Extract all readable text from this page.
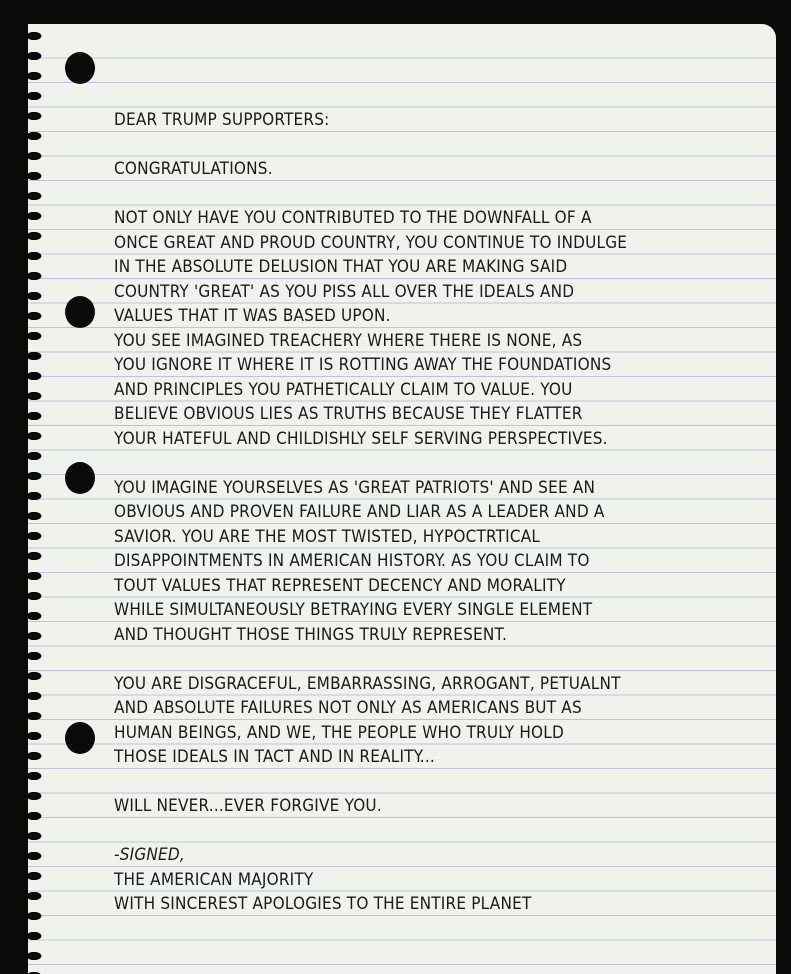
DEAR TRUMP SUPPORTERS:
CONGRATULATIONS.
NOT ONLY HAVE YOU CONTRIBUTED TO THE DOWNFALL OF A
ONCE GREAT AND PROUD COUNTRY, YOU CONTINUE TO INDULGE
IN THE ABSOLUTE DELUSION THAT YOU ARE MAKING SAID
COUNTRY 'GREAT' AS YOU PISS ALL OVER THE IDEALS AND
VALUES THAT IT WAS BASED UPON.
YOU SEE IMAGINED TREACHERY WHERE THERE IS NONE, AS
YOU IGNORE IT WHERE IT IS ROTTING AWAY THE FOUNDATIONS
AND PRINCIPLES YOU PATHETICALLY CLAIM TO VALUE. YOU
BELIEVE OBVIOUS LIES AS TRUTHS BECAUSE THEY FLATTER
YOUR HATEFUL AND CHILDISHLY SELF SERVING PERSPECTIVES.
YOU IMAGINE YOURSELVES AS 'GREAT PATRIOTS' AND SEE AN
OBVIOUS AND PROVEN FAILURE AND LIAR AS A LEADER AND A
SAVIOR. YOU ARE THE MOST TWISTED, HYPOCTRTICAL
DISAPPOINTMENTS IN AMERICAN HISTORY. AS YOU CLAIM TO
TOUT VALUES THAT REPRESENT DECENCY AND MORALITY
WHILE SIMULTANEOUSLY BETRAYING EVERY SINGLE ELEMENT
AND THOUGHT THOSE THINGS TRULY REPRESENT.
YOU ARE DISGRACEFUL, EMBARRASSING, ARROGANT, PETUALNT
AND ABSOLUTE FAILURES NOT ONLY AS AMERICANS BUT AS
HUMAN BEINGS, AND WE, THE PEOPLE WHO TRULY HOLD
THOSE IDEALS IN TACT AND IN REALITY...
WILL NEVER...EVER FORGIVE YOU.
-SIGNED,
THE AMERICAN MAJORITY
WITH SINCEREST APOLOGIES TO THE ENTIRE PLANET
